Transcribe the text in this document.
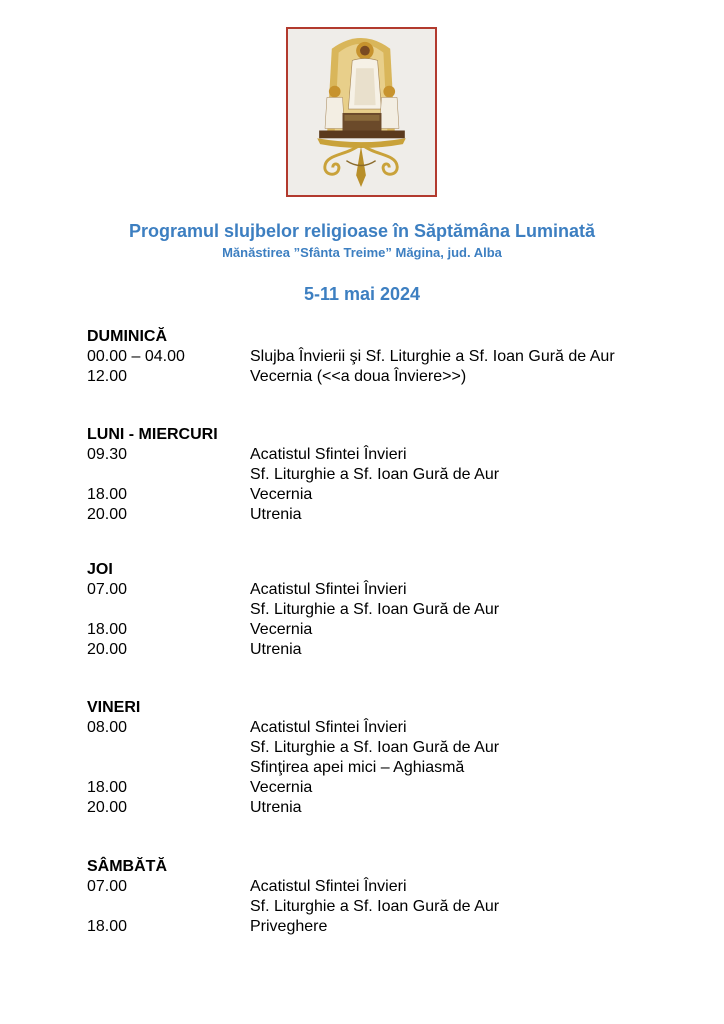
Programul slujbelor religioase în Săptămâna Luminată
Mănăstirea ”Sfânta Treime” Măgina, jud. Alba
5-11 mai 2024
DUMINICĂ
00.00 – 04.00	Slujba Învierii şi Sf. Liturghie a Sf. Ioan Gură de Aur
12.00	Vecernia (<<a doua Înviere>>)
LUNI - MIERCURI
09.30	Acatistul Sfintei Învieri
Sf. Liturghie a Sf. Ioan Gură de Aur
18.00	Vecernia
20.00	Utrenia
JOI
07.00	Acatistul Sfintei Învieri
Sf. Liturghie a Sf. Ioan Gură de Aur
18.00	Vecernia
20.00	Utrenia
VINERI
08.00	Acatistul Sfintei Învieri
Sf. Liturghie a Sf. Ioan Gură de Aur
Sfinţirea apei mici – Aghiasmă
18.00	Vecernia
20.00	Utrenia
SÂMBĂTĂ
07.00	Acatistul Sfintei Învieri
Sf. Liturghie a Sf. Ioan Gură de Aur
18.00	Priveghere
